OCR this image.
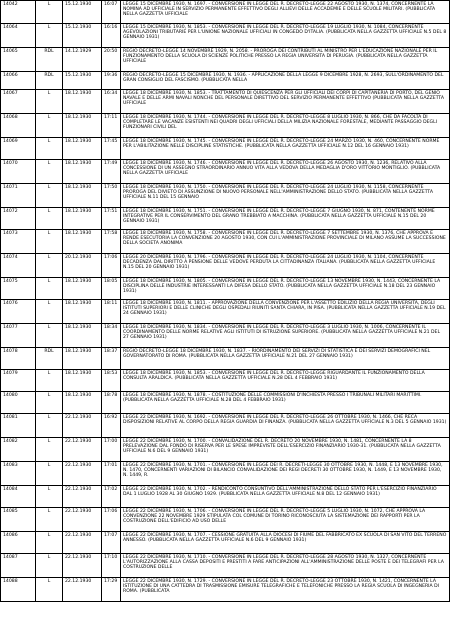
14042	L	15.12.1930	16:07	LEGGE 15 DICEMBRE 1930, N. 1697. - CONVERSIONE IN LEGGE DEL R. DECRETO-LEGGE 22 AGOSTO 1930, N. 1374, CONCERNENTE LA NOMINA AD UFFICIALE IN SERVIZIO PERMANENTE EFFETTIVO DEGLI ALLIEVI DELLE ACCADEMIE E DELLE SCUOLE MILITARI. (PUBBLICATA NELLA GAZZETTA UFFICIALE
14064	L	15.12.1930	16:16	LEGGE 15 DICEMBRE 1930, N. 1853. - CONVERSIONE IN LEGGE DEL R. DECRETO-LEGGE 19 LUGLIO 1930, N. 1084, CONCERNENTE AGEVOLAZIONI TRIBUTARIE PER L'UNIONE NAZIONALE UFFICIALI IN CONGEDO D'ITALIA. (PUBBLICATA NELLA GAZZETTA UFFICIALE N.5 DEL 8 GENNAIO 1931)
14065	RDL	14.12.1929	20:50	REGIO DECRETO-LEGGE 14 NOVEMBRE 1929, N. 2058. - PROROGA DEI CONTRIBUTI AL MINISTRO PER L'EDUCAZIONE NAZIONALE PER IL FUNZIONAMENTO DELLA SCUOLA DI SCIENZE POLITICHE PRESSO LA REGIA UNIVERSITA DI PERUGIA. (PUBBLICATA NELLA GAZZETTA UFFICIALE
14066	RDL	15.12.1930	19:36	REGIO DECRETO-LEGGE 15 DICEMBRE 1930, N. 1936. - APPLICAZIONE DELLA LEGGE 9 DICEMBRE 1928, N. 2693, SULL'ORDINAMENTO DEL GRAN CONSIGLIO DEL FASCISMO. (PUBBLICATA NELLA
14067	L	18.12.1930	16:34	LEGGE 18 DICEMBRE 1930, N. 1853. - TRATTAMENTO DI QUIESCENZA PER GLI UFFICIALI DEI CORPI DI CAPITANERIA DI PORTO, DEL GENIO NAVALE E DELLE ARMI NAVALI NONCHE DEL PERSONALE DIRETTIVO DEL SERVIZIO PERMANENTE EFFETTIVO (PUBBLICATA NELLA GAZZETTA UFFICIALE
14068	L	18.12.1930	17:11	LEGGE 18 DICEMBRE 1930, N. 1744. - CONVERSIONE IN LEGGE DEL R. DECRETO-LEGGE 8 LUGLIO 1930, N. 866, CHE DA FACOLTA DI COMPLETARE LE VACANZE ESISTENTI NEI QUADRI DEGLI UFFICIALI DELLA MILIZIA NAZIONALE FORESTALE, MEDIANTE PASSAGGIO DEGLI FUNZIONARI CIVILI DEL
14069	L	18.12.1930	17:45	LEGGE 18 DICEMBRE 1930, N. 1745. - CONVERSIONE IN LEGGE DEL R. DECRETO-LEGGE 24 MARZO 1930, N. 460, CONCERNENTE NORME PER L'ABILITAZIONE NELLE DISCIPLINE STATISTICHE. (PUBBLICATA NELLA GAZZETTA UFFICIALE N.12 DEL 16 GENNAIO 1931)
14070	L	18.12.1930	17:49	LEGGE 18 DICEMBRE 1930, N. 1746. - CONVERSIONE IN LEGGE DEL R. DECRETO-LEGGE 26 AGOSTO 1930, N. 1236, RELATIVO ALLA CONCESSIONE DI UN ASSEGNO STRAORDINARIO ANNUO VITA ALLA VEDOVA DELLA MEDAGLIA D'ORO VITTORIO MONTIGLIO. (PUBBLICATA NELLA GAZZETTA UFFICIALE
14071	L	18.12.1930	17:50	LEGGE 18 DICEMBRE 1930, N. 1750. - CONVERSIONE IN LEGGE DEL R. DECRETO-LEGGE 24 LUGLIO 1930, N. 1158, CONCERNENTE PROROGA DEL DIVIETO DI ASSUNZIONE DI NUOVO PERSONALE NELL'AMMINISTRAZIONE DELLO STATO. (PUBBLICATA NELLA GAZZETTA UFFICIALE N.11 DEL 15 GENNAIO
14072	L	18.12.1930	17:51	LEGGE 18 DICEMBRE 1930, N. 1751. - CONVERSIONE IN LEGGE DEL R. DECRETO-LEGGE 7 GIUGNO 1930, N. 871, CONTENENTE NORME INTEGRATIVE PER IL CONSERVIMENTO DEL GRANO TREBBIATO A MACCHINA. (PUBBLICATA NELLA GAZZETTA UFFICIALE N.15 DEL 20 GENNAIO 1931)
14073	L	18.12.1930	17:58	LEGGE 18 DICEMBRE 1930, N. 1758. - CONVERSIONE IN LEGGE DEL R. DECRETO-LEGGE 7 SETTEMBRE 1930, N. 1376, CHE APPROVA E RENDE ESECUTORIA LA CONVENZIONE 20 AGOSTO 1930, CON CUI L'AMMINISTRAZIONE PROVINCIALE DI MILANO ASSUME LA SUCCESSIONE DELLA SOCIETA ANONIMA
14074	L	20.12.1930	17:06	LEGGE 20 DICEMBRE 1930, N. 1796. - CONVERSIONE IN LEGGE DEL R. DECRETO-LEGGE 24 LUGLIO 1930, N. 1104, CONCERNENTE DECADENZA DAL DIRITTO A PENSIONE DELLE VEDOVE PERDUTA LA CITTADINANZA ITALIANA. (PUBBLICATA NELLA GAZZETTA UFFICIALE N.15 DEL 20 GENNAIO 1931)
14075	L	18.12.1930	18:05	LEGGE 18 DICEMBRE 1930, N. 1805. - CONVERSIONE IN LEGGE DEL R. DECRETO-LEGGE 13 NOVEMBRE 1930, N. 1443, CONCERNENTE LA DISCIPLINA DELLE INDUSTRIE INTERESSANTI LA DIFESA DELLO STATO. (PUBBLICATA NELLA GAZZETTA UFFICIALE N.18 DEL 23 GENNAIO 1931)
14076	L	18.12.1930	18:11	LEGGE 18 DICEMBRE 1930, N. 1811. - APPROVAZIONE DELLA CONVENZIONE PER L'ASSETTO EDILIZIO DELLA REGIA UNIVERSITA, DEGLI ISTITUTI SUPERIORI E DELLE CLINICHE DEGLI OSPEDALI RIUNITI SANTA CHIARA, IN PISA. (PUBBLICATA NELLA GAZZETTA UFFICIALE N.19 DEL 24 GENNAIO 1931)
14077	L	18.12.1930	18:34	LEGGE 18 DICEMBRE 1930, N. 1834. - CONVERSIONE IN LEGGE DEL R. DECRETO-LEGGE 3 LUGLIO 1930, N. 1006, CONCERNENTE IL COORDINAMENTO DELLE NORME RELATIVE AGLI ISTITUTI DI ISTRUZIONE SUPERIORE. (PUBBLICATA NELLA GAZZETTA UFFICIALE N.21 DEL 27 GENNAIO 1931)
14078	RDL	18.12.1930	18:37	REGIO DECRETO-LEGGE 18 DICEMBRE 1930, N. 1837. - RIORDINAMENTO DEI SERVIZI DI STATISTICA E DEI SERVIZI DEMOGRAFICI NEL GOVERNATORATO DI ROMA. (PUBBLICATA NELLA GAZZETTA UFFICIALE N.21 DEL 27 GENNAIO 1931)
14079	L	18.12.1930	18:53	LEGGE 18 DICEMBRE 1930, N. 1853. - CONVERSIONE IN LEGGE DEL R. DECRETO-LEGGE RIGUARDANTE IL FUNZIONAMENTO DELLA CONSULTA ARALDICA. (PUBBLICATA NELLA GAZZETTA UFFICIALE N.28 DEL 4 FEBBRAIO 1931)
14080	L	18.12.1930	18:78	LEGGE 18 DICEMBRE 1930, N. 1878. - COSTITUZIONE DELLE COMMISSIONI D'INCHIESTA PRESSO I TRIBUNALI MILITARI MARITTIMI. (PUBBLICATA NELLA GAZZETTA UFFICIALE N.28 DEL 4 FEBBRAIO 1931)
14081	L	22.12.1930	16:92	LEGGE 22 DICEMBRE 1930, N. 1692. - CONVERSIONE IN LEGGE DEL R. DECRETO-LEGGE 26 OTTOBRE 1930, N. 1466, CHE RECA DISPOSIZIONI RELATIVE AL CORPO DELLA REGIA GUARDIA DI FINANZA. (PUBBLICATA NELLA GAZZETTA UFFICIALE N.3 DEL 5 GENNAIO 1931)
14082	L	22.12.1930	17:00	LEGGE 22 DICEMBRE 1930, N. 1700. - CONVALIDAZIONE DEL R. DECRETO 20 NOVEMBRE 1930, N. 1481, CONCERNENTE LA 8 PRELEVAZIONE DAL FONDO DI RISERVA PER LE SPESE IMPREVISTE DELL'ESERCIZIO FINANZIARIO 1930-31. (PUBBLICATA NELLA GAZZETTA UFFICIALE N.6 DEL 9 GENNAIO 1931)
14083	L	22.12.1930	17:01	LEGGE 22 DICEMBRE 1930, N. 1701. - CONVERSIONE IN LEGGE DEI R. DECRETI-LEGGE 30 OTTOBRE 1930, N. 1448, E 13 NOVEMBRE 1930, N. 1470, CONCERNENTI VARIAZIONI DI BILANCIO CONVALIDAZIONE DEI REGI DECRETI 30 OTTOBRE 1930, N. 1449, E 13 NOVEMBRE 1930, N. 1449, R.
14084	L	22.12.1930	17:02	LEGGE 22 DICEMBRE 1930, N. 1702. - RENDICONTO CONSUNTIVO DELL'AMMINISTRAZIONE DELLO STATO PER L'ESERCIZIO FINANZIARIO DAL 1 LUGLIO 1928 AL 30 GIUGNO 1929. (PUBBLICATA NELLA GAZZETTA UFFICIALE N.8 DEL 12 GENNAIO 1931)
14085	L	22.12.1930	17:06	LEGGE 22 DICEMBRE 1930, N. 1706. - CONVERSIONE IN LEGGE DEL R. DECRETO-LEGGE 5 LUGLIO 1930, N. 1072, CHE APPROVA LA CONVENZIONE 22 NOVEMBRE 1929 STIPULATA COL COMUNE DI TORINO RICONOSCIUTA LA SISTEMAZIONE DEI RAPPORTI PER LA COSTRUZIONE DELL'EDIFICIO AD USO DELLE
14086	L	22.12.1930	17:07	LEGGE 22 DICEMBRE 1930, N. 1707. - CESSIONE GRATUITA ALLA DIOCESI DI FIUME DEL FABBRICATO EX SCUOLA DI SAN VITO DEL TERRENO ANNESSO. (PUBBLICATA NELLA GAZZETTA UFFICIALE N.6 DEL 9 GENNAIO 1931)
14087	L	22.12.1930	17:10	LEGGE 22 DICEMBRE 1930, N. 1710. - CONVERSIONE IN LEGGE DEL R. DECRETO-LEGGE 28 AGOSTO 1930, N. 1327, CONCERNENTE L'AUTORIZZAZIONE ALLA CASSA DEPOSITI E PRESTITI A FARE ANTICIPAZIONI ALL'AMMINISTRAZIONE DELLE POSTE E DEI TELEGRAFI PER LA COSTRUZIONE DELLE
14088	L	22.12.1930	17:29	LEGGE 22 DICEMBRE 1930, N. 1729. - CONVERSIONE IN LEGGE DEL R. DECRETO-LEGGE 23 OTTOBRE 1930, N. 1421, CONCERNENTE LA ISTITUZIONE DI UNA CATTEDRA DI TRASMISSIONE EMISURE TELEGRAFICHE E TELEFONICHE PRESSO LA REGIA SCUOLA DI INGEGNERIA DI ROMA. (PUBBLICATA
